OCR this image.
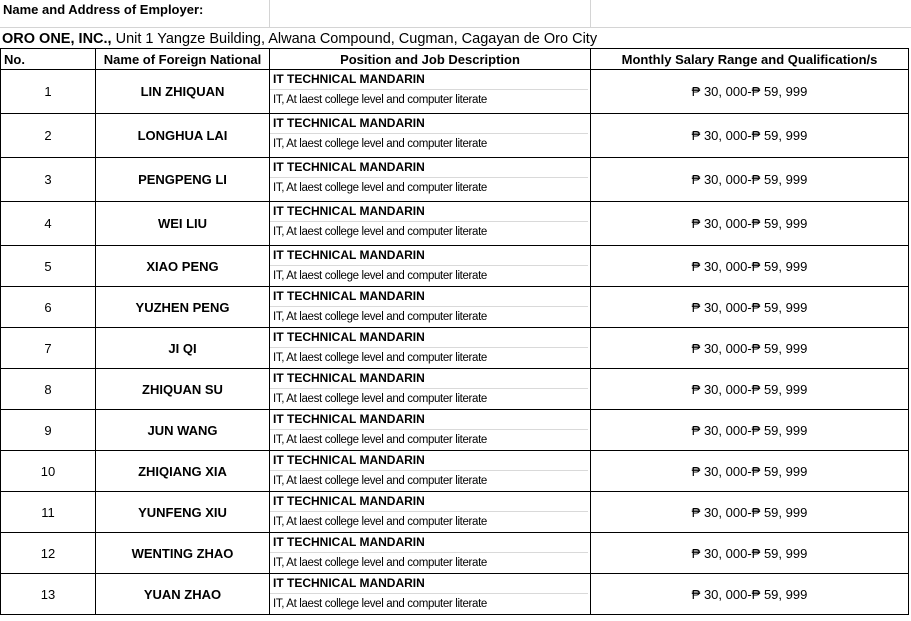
Name and Address of Employer:
ORO ONE, INC., Unit 1 Yangze Building, Alwana Compound, Cugman, Cagayan de Oro City
No.	Name of Foreign National	Position and Job Description	Monthly Salary Range and Qualification/s
1	LIN ZHIQUAN	IT TECHNICAL MANDARIN
IT, At laest college level and computer literate	₱ 30, 000-₱ 59, 999
2	LONGHUA LAI	IT TECHNICAL MANDARIN
IT, At laest college level and computer literate	₱ 30, 000-₱ 59, 999
3	PENGPENG LI	IT TECHNICAL MANDARIN
IT, At laest college level and computer literate	₱ 30, 000-₱ 59, 999
4	WEI LIU	IT TECHNICAL MANDARIN
IT, At laest college level and computer literate	₱ 30, 000-₱ 59, 999
5	XIAO PENG	IT TECHNICAL MANDARIN
IT, At laest college level and computer literate	₱ 30, 000-₱ 59, 999
6	YUZHEN PENG	IT TECHNICAL MANDARIN
IT, At laest college level and computer literate	₱ 30, 000-₱ 59, 999
7	JI QI	IT TECHNICAL MANDARIN
IT, At laest college level and computer literate	₱ 30, 000-₱ 59, 999
8	ZHIQUAN SU	IT TECHNICAL MANDARIN
IT, At laest college level and computer literate	₱ 30, 000-₱ 59, 999
9	JUN WANG	IT TECHNICAL MANDARIN
IT, At laest college level and computer literate	₱ 30, 000-₱ 59, 999
10	ZHIQIANG XIA	IT TECHNICAL MANDARIN
IT, At laest college level and computer literate	₱ 30, 000-₱ 59, 999
11	YUNFENG XIU	IT TECHNICAL MANDARIN
IT, At laest college level and computer literate	₱ 30, 000-₱ 59, 999
12	WENTING ZHAO	IT TECHNICAL MANDARIN
IT, At laest college level and computer literate	₱ 30, 000-₱ 59, 999
13	YUAN ZHAO	IT TECHNICAL MANDARIN
IT, At laest college level and computer literate	₱ 30, 000-₱ 59, 999
